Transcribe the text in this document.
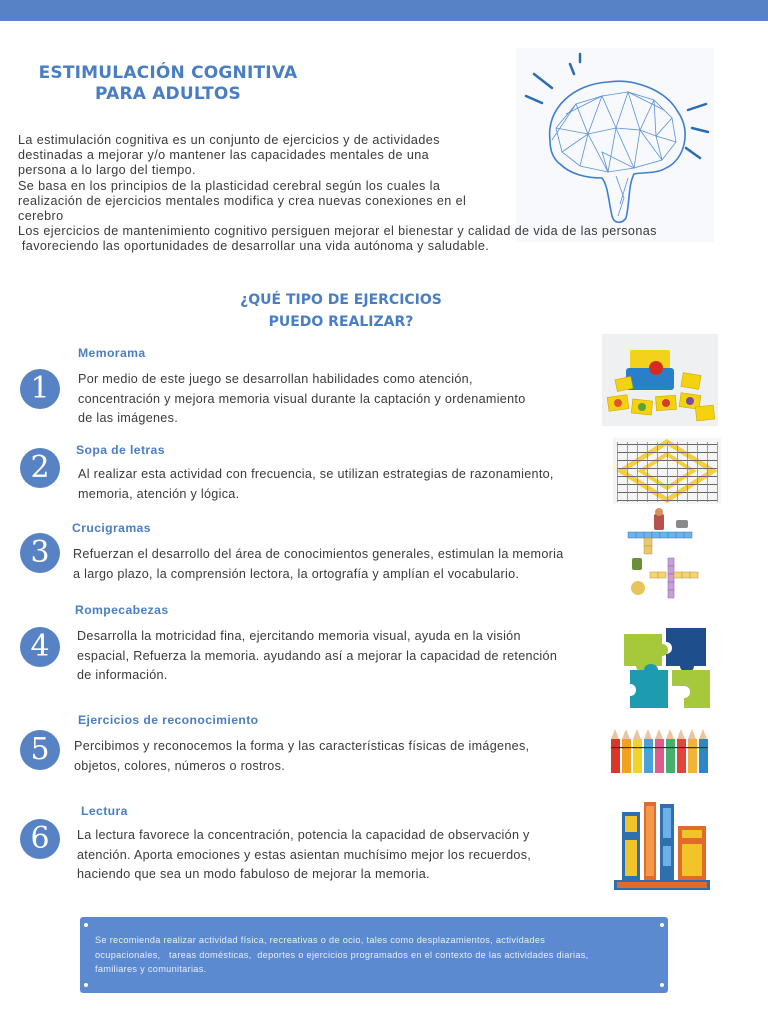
ESTIMULACIÓN COGNITIVA
PARA ADULTOS
La estimulación cognitiva es un conjunto de ejercicios y de actividades
destinadas a mejorar y/o mantener las capacidades mentales de una
persona a lo largo del tiempo.
Se basa en los principios de la plasticidad cerebral según los cuales la
realización de ejercicios mentales modifica y crea nuevas conexiones en el
cerebro
Los ejercicios de mantenimiento cognitivo persiguen mejorar el bienestar y calidad de vida de las personas
favoreciendo las oportunidades de desarrollar una vida autónoma y saludable.
¿QUÉ TIPO DE EJERCICIOS
PUEDO REALIZAR?
Memorama
1	Por medio de este juego se desarrollan habilidades como atención,
concentración y mejora memoria visual durante la captación y ordenamiento
de las imágenes.
Sopa de letras
2	Al realizar esta actividad con frecuencia, se utilizan estrategias de razonamiento,
memoria, atención y lógica.
Crucigramas
3	Refuerzan el desarrollo del área de conocimientos generales, estimulan la memoria
a largo plazo, la comprensión lectora, la ortografía y amplían el vocabulario.
Rompecabezas
4	Desarrolla la motricidad fina, ejercitando memoria visual, ayuda en la visión
espacial, Refuerza la memoria. ayudando así a mejorar la capacidad de retención
de información.
Ejercicios de reconocimiento
5	Percibimos y reconocemos la forma y las características físicas de imágenes,
objetos, colores, números o rostros.
Lectura
6	La lectura favorece la concentración, potencia la capacidad de observación y
atención. Aporta emociones y estas asientan muchísimo mejor los recuerdos,
haciendo que sea un modo fabuloso de mejorar la memoria.
Se recomienda realizar actividad física, recreativas o de ocio, tales como desplazamientos, actividades
ocupacionales,   tareas domésticas,  deportes o ejercicios programados en el contexto de las actividades diarias,
familiares y comunitarias.
